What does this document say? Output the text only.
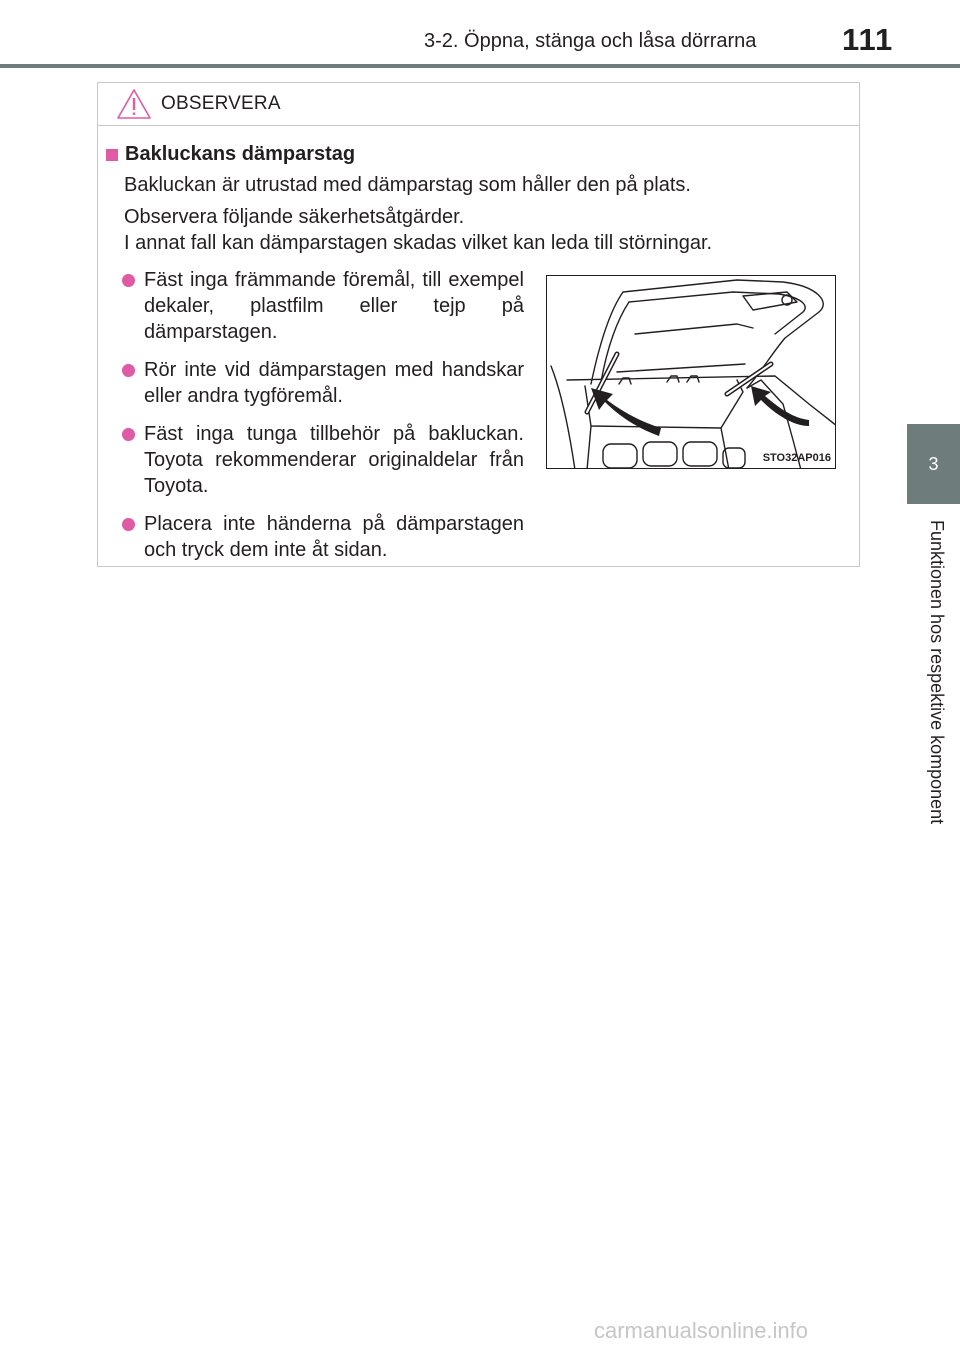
3-2. Öppna, stänga och låsa dörrarna	111
3
Funktionen hos respektive komponent
OBSERVERA
Bakluckans dämparstag
Bakluckan är utrustad med dämparstag som håller den på plats.
Observera följande säkerhetsåtgärder.
I annat fall kan dämparstagen skadas vilket kan leda till störningar.
Fäst inga främmande föremål, till exempel dekaler, plastfilm eller tejp på dämparstagen.
Rör inte vid dämparstagen med handskar eller andra tygföremål.
Fäst inga tunga tillbehör på bakluckan. Toyota rekommenderar originaldelar från Toyota.
Placera inte händerna på dämparstagen och tryck dem inte åt sidan.
STO32AP016
carmanualsonline.info
